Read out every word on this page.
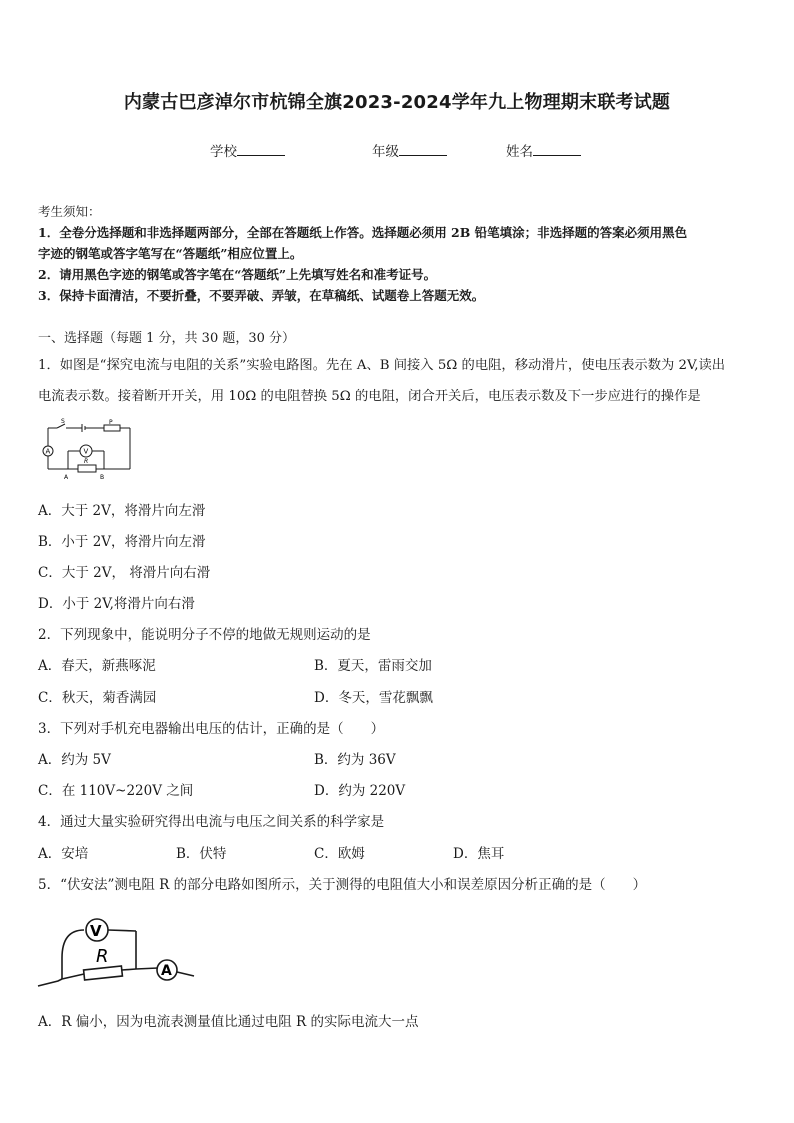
内蒙古巴彦淖尔市杭锦全旗2023-2024学年九上物理期末联考试题
学校	年级	姓名
考生须知：
1．全卷分选择题和非选择题两部分，全部在答题纸上作答。选择题必须用 2B 铅笔填涂；非选择题的答案必须用黑色
字迹的钢笔或答字笔写在“答题纸”相应位置上。
2．请用黑色字迹的钢笔或答字笔在“答题纸”上先填写姓名和准考证号。
3．保持卡面清洁，不要折叠，不要弄破、弄皱，在草稿纸、试题卷上答题无效。
一、选择题（每题 1 分，共 30 题，30 分）
1．如图是“探究电流与电阻的关系”实验电路图。先在 A、B 间接入 5Ω 的电阻，移动滑片，使电压表示数为 2V,读出
电流表示数。接着断开开关，用 10Ω 的电阻替换 5Ω 的电阻，闭合开关后，电压表示数及下一步应进行的操作是
S	P
A	V
R
A	B
A．大于 2V，将滑片向左滑
B．小于 2V，将滑片向左滑
C．大于 2V， 将滑片向右滑
D．小于 2V,将滑片向右滑
2．下列现象中，能说明分子不停的地做无规则运动的是
A．春天，新燕啄泥	B．夏天，雷雨交加
C．秋天，菊香满园	D．冬天，雪花飘飘
3．下列对手机充电器输出电压的估计，正确的是（　　）
A．约为 5V	B．约为 36V
C．在 110V~220V 之间	D．约为 220V
4．通过大量实验研究得出电流与电压之间关系的科学家是
A．安培	B．伏特	C．欧姆	D．焦耳
5．“伏安法”测电阻 R 的部分电路如图所示，关于测得的电阻值大小和误差原因分析正确的是（　　）
V
R
A
A．R 偏小，因为电流表测量值比通过电阻 R 的实际电流大一点
